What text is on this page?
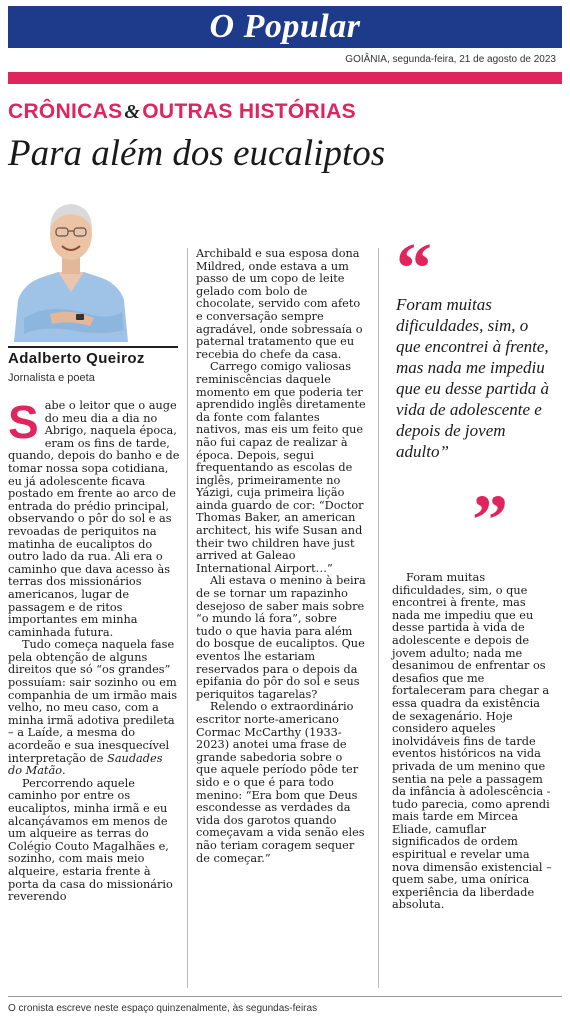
O Popular
GOIÂNIA, segunda-feira, 21 de agosto de 2023
CRÔNICAS &OUTRAS HISTÓRIAS
Para além dos eucaliptos
Adalberto Queiroz
Jornalista e poeta

Sabe o leitor que o auge do meu dia a dia no Abrigo, naquela época, eram os fins de tarde, quando, depois do banho e de tomar nossa sopa cotidiana, eu já adolescente ficava postado em frente ao arco de entrada do prédio principal, observando o pôr do sol e as revoadas de periquitos na matinha de eucaliptos do outro lado da rua. Ali era o caminho que dava acesso às terras dos missionários americanos, lugar de passagem e de ritos importantes em minha caminhada futura.

Tudo começa naquela fase pela obtenção de alguns direitos que só “os grandes” possuíam: sair sozinho ou em companhia de um irmão mais velho, no meu caso, com a minha irmã adotiva predileta – a Laíde, a mesma do acordeão e sua inesquecível interpretação de Saudades do Matão.

Percorrendo aquele caminho por entre os eucaliptos, minha irmã e eu alcançávamos em menos de um alqueire as terras do Colégio Couto Magalhães e, sozinho, com mais meio alqueire, estaria frente à porta da casa do missionário reverendo

Archibald e sua esposa dona Mildred, onde estava a um passo de um copo de leite gelado com bolo de chocolate, servido com afeto e conversação sempre agradável, onde sobressaía o paternal tratamento que eu recebia do chefe da casa.

Carrego comigo valiosas reminiscências daquele momento em que poderia ter aprendido inglês diretamente da fonte com falantes nativos, mas eis um feito que não fui capaz de realizar à época. Depois, segui frequentando as escolas de inglês, primeiramente no Yázigi, cuja primeira lição ainda guardo de cor: “Doctor Thomas Baker, an american architect, his wife Susan and their two children have just arrived at Galeao International Airport…”

Ali estava o menino à beira de se tornar um rapazinho desejoso de saber mais sobre “o mundo lá fora”, sobre tudo o que havia para além do bosque de eucaliptos. Que eventos lhe estariam reservados para o depois da epifania do pôr do sol e seus periquitos tagarelas?

Relendo o extraordinário escritor norte-americano Cormac McCarthy (1933-2023) anotei uma frase de grande sabedoria sobre o que aquele período pôde ter sido e o que é para todo menino: “Era bom que Deus escondesse as verdades da vida dos garotos quando começavam a vida senão eles não teriam coragem sequer de começar.”

“
Foram muitas dificuldades, sim, o que encontrei à frente, mas nada me impediu que eu desse partida à vida de adolescente e depois de jovem adulto”
”

Foram muitas dificuldades, sim, o que encontrei à frente, mas nada me impediu que eu desse partida à vida de adolescente e depois de jovem adulto; nada me desanimou de enfrentar os desafios que me fortaleceram para chegar a essa quadra da existência de sexagenário. Hoje considero aqueles inolvidáveis fins de tarde eventos históricos na vida privada de um menino que sentia na pele a passagem da infância à adolescência - tudo parecia, como aprendi mais tarde em Mircea Eliade, camuflar significados de ordem espiritual e revelar uma nova dimensão existencial – quem sabe, uma onírica experiência da liberdade absoluta.

O cronista escreve neste espaço quinzenalmente, às segundas-feiras
